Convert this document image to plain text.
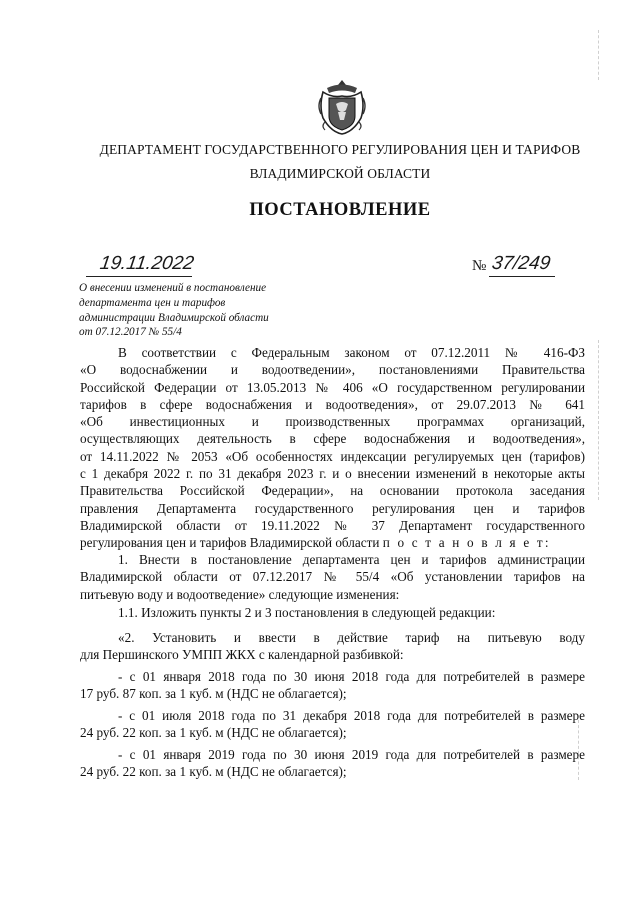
ДЕПАРТАМЕНТ ГОСУДАРСТВЕННОГО РЕГУЛИРОВАНИЯ ЦЕН И ТАРИФОВ
ВЛАДИМИРСКОЙ ОБЛАСТИ
ПОСТАНОВЛЕНИЕ
19.11.2022	№ 37/249
О внесении изменений в постановление
департамента цен и тарифов
администрации Владимирской области
от 07.12.2017 № 55/4
В соответствии с Федеральным законом от 07.12.2011 № 416-ФЗ
«О водоснабжении и водоотведении», постановлениями Правительства
Российской Федерации от 13.05.2013 № 406 «О государственном регулировании
тарифов в сфере водоснабжения и водоотведения», от 29.07.2013 № 641
«Об инвестиционных и производственных программах организаций,
осуществляющих деятельность в сфере водоснабжения и водоотведения»,
от 14.11.2022 № 2053 «Об особенностях индексации регулируемых цен (тарифов)
с 1 декабря 2022 г. по 31 декабря 2023 г. и о внесении изменений в некоторые акты
Правительства Российской Федерации», на основании протокола заседания
правления Департамента государственного регулирования цен и тарифов
Владимирской области от 19.11.2022 № 37 Департамент государственного
регулирования цен и тарифов Владимирской области п о с т а н о в л я е т:
1. Внести в постановление департамента цен и тарифов администрации
Владимирской области от 07.12.2017 № 55/4 «Об установлении тарифов на
питьевую воду и водоотведение» следующие изменения:
1.1. Изложить пункты 2 и 3 постановления в следующей редакции:
«2. Установить и ввести в действие тариф на питьевую воду
для Першинского УМПП ЖКХ с календарной разбивкой:
- с 01 января 2018 года по 30 июня 2018 года для потребителей в размере
17 руб. 87 коп. за 1 куб. м (НДС не облагается);
- с 01 июля 2018 года по 31 декабря 2018 года для потребителей в размере
24 руб. 22 коп. за 1 куб. м (НДС не облагается);
- с 01 января 2019 года по 30 июня 2019 года для потребителей в размере
24 руб. 22 коп. за 1 куб. м (НДС не облагается);
